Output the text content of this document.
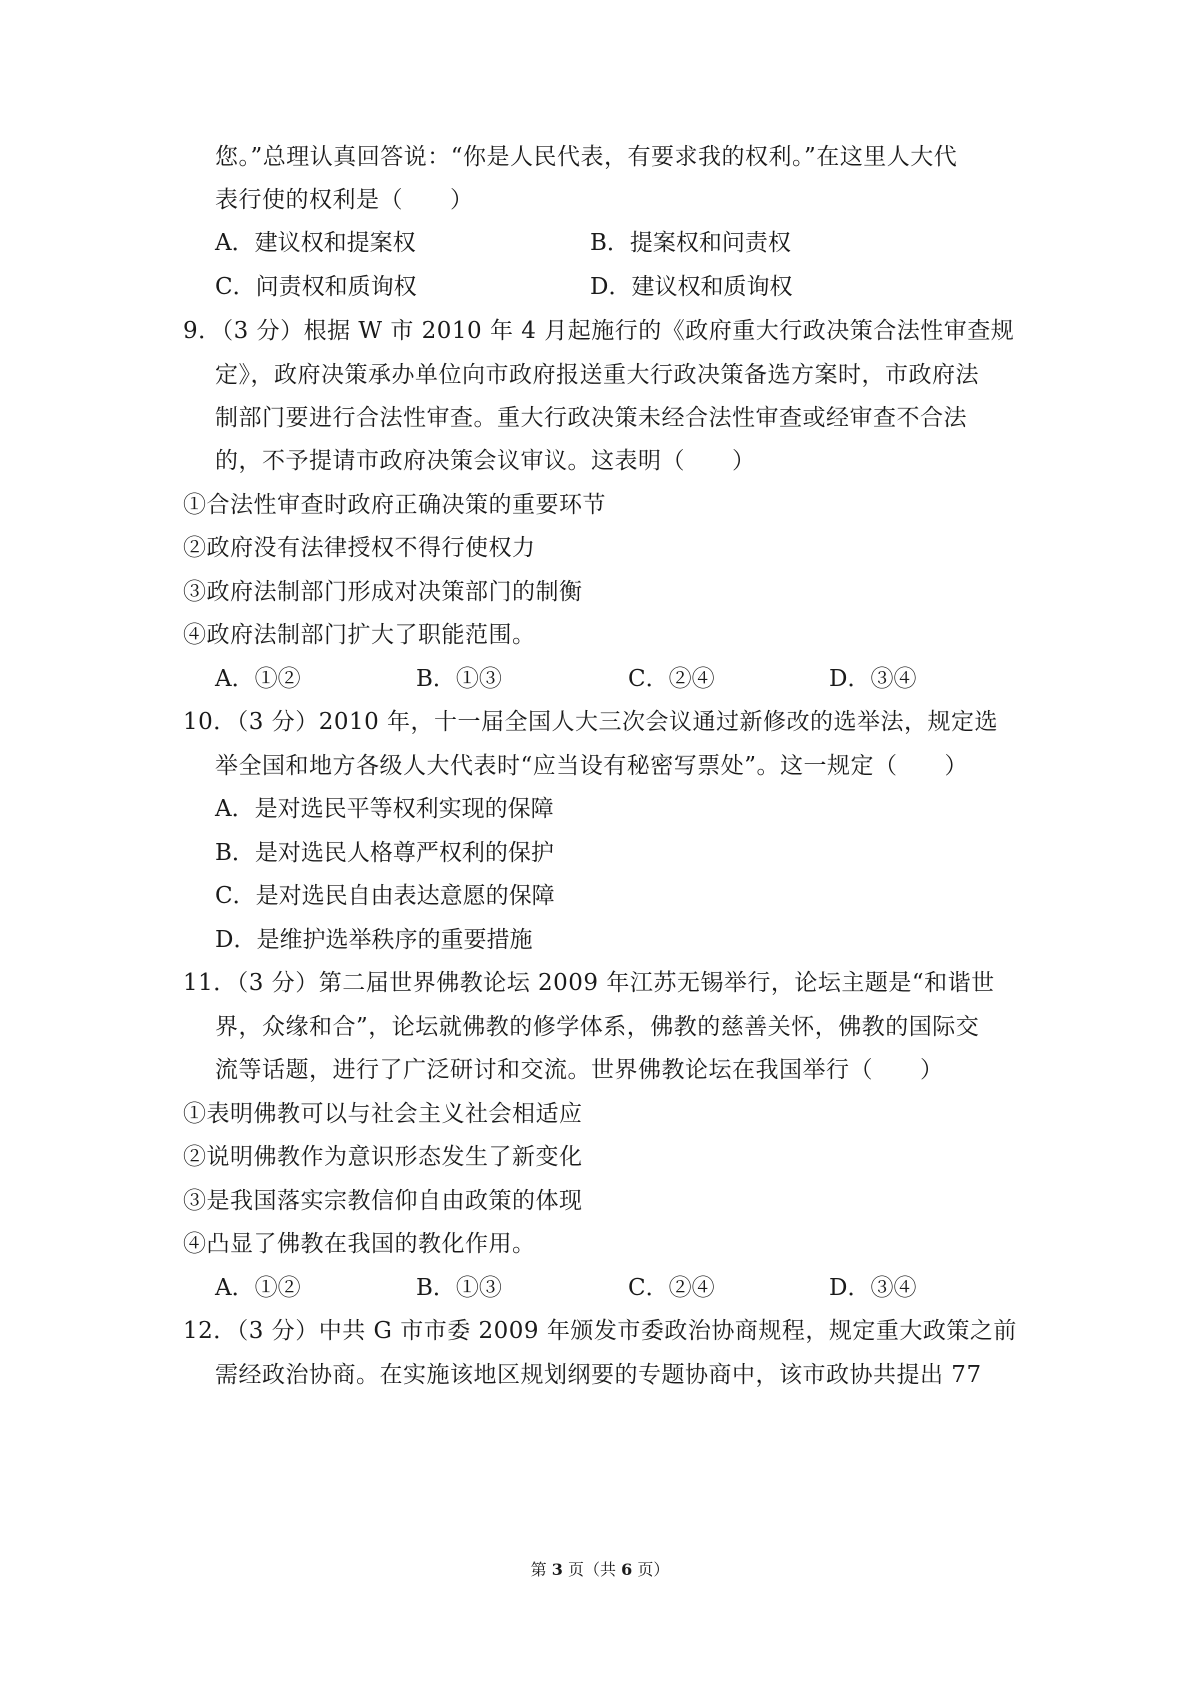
您。”总理认真回答说：“你是人民代表，有要求我的权利。”在这里人大代
表行使的权利是（　　）
A．建议权和提案权	B．提案权和问责权
C．问责权和质询权	D．建议权和质询权
9．（3 分）根据 W 市 2010 年 4 月起施行的《政府重大行政决策合法性审查规
定》，政府决策承办单位向市政府报送重大行政决策备选方案时，市政府法
制部门要进行合法性审查。重大行政决策未经合法性审查或经审查不合法
的，不予提请市政府决策会议审议。这表明（　　）
①合法性审查时政府正确决策的重要环节
②政府没有法律授权不得行使权力
③政府法制部门形成对决策部门的制衡
④政府法制部门扩大了职能范围。
A．①②	B．①③	C．②④	D．③④
10．（3 分）2010 年，十一届全国人大三次会议通过新修改的选举法，规定选
举全国和地方各级人大代表时“应当设有秘密写票处”。这一规定（　　）
A．是对选民平等权利实现的保障
B．是对选民人格尊严权利的保护
C．是对选民自由表达意愿的保障
D．是维护选举秩序的重要措施
11．（3 分）第二届世界佛教论坛 2009 年江苏无锡举行，论坛主题是“和谐世
界，众缘和合”，论坛就佛教的修学体系，佛教的慈善关怀，佛教的国际交
流等话题，进行了广泛研讨和交流。世界佛教论坛在我国举行（　　）
①表明佛教可以与社会主义社会相适应
②说明佛教作为意识形态发生了新变化
③是我国落实宗教信仰自由政策的体现
④凸显了佛教在我国的教化作用。
A．①②	B．①③	C．②④	D．③④
12．（3 分）中共 G 市市委 2009 年颁发市委政治协商规程，规定重大政策之前
需经政治协商。在实施该地区规划纲要的专题协商中，该市政协共提出 77
第 3 页（共 6 页）
